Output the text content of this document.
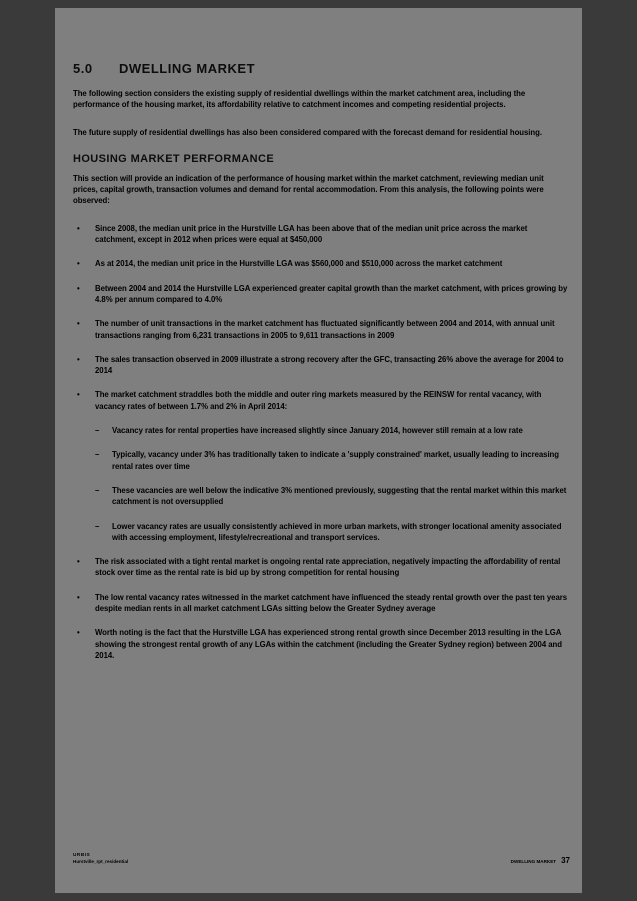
5.0	DWELLING MARKET

The following section considers the existing supply of residential dwellings within the market catchment area, including the performance of the housing market, its affordability relative to catchment incomes and competing residential projects.

The future supply of residential dwellings has also been considered compared with the forecast demand for residential housing.

HOUSING MARKET PERFORMANCE

This section will provide an indication of the performance of housing market within the market catchment, reviewing median unit prices, capital growth, transaction volumes and demand for rental accommodation. From this analysis, the following points were observed:

• Since 2008, the median unit price in the Hurstville LGA has been above that of the median unit price across the market catchment, except in 2012 when prices were equal at $450,000
• As at 2014, the median unit price in the Hurstville LGA was $560,000 and $510,000 across the market catchment
• Between 2004 and 2014 the Hurstville LGA experienced greater capital growth than the market catchment, with prices growing by 4.8% per annum compared to 4.0%
• The number of unit transactions in the market catchment has fluctuated significantly between 2004 and 2014, with annual unit transactions ranging from 6,231 transactions in 2005 to 9,611 transactions in 2009
• The sales transaction observed in 2009 illustrate a strong recovery after the GFC, transacting 26% above the average for 2004 to 2014
• The market catchment straddles both the middle and outer ring markets measured by the REINSW for rental vacancy, with vacancy rates of between 1.7% and 2% in April 2014:
– Vacancy rates for rental properties have increased slightly since January 2014, however still remain at a low rate
– Typically, vacancy under 3% has traditionally taken to indicate a 'supply constrained' market, usually leading to increasing rental rates over time
– These vacancies are well below the indicative 3% mentioned previously, suggesting that the rental market within this market catchment is not oversupplied
– Lower vacancy rates are usually consistently achieved in more urban markets, with stronger locational amenity associated with accessing employment, lifestyle/recreational and transport services.
• The risk associated with a tight rental market is ongoing rental rate appreciation, negatively impacting the affordability of rental stock over time as the rental rate is bid up by strong competition for rental housing
• The low rental vacancy rates witnessed in the market catchment have influenced the steady rental growth over the past ten years despite median rents in all market catchment LGAs sitting below the Greater Sydney average
• Worth noting is the fact that the Hurstville LGA has experienced strong rental growth since December 2013 resulting in the LGA showing the strongest rental growth of any LGAs within the catchment (including the Greater Sydney region) between 2004 and 2014.
URBIS
Hurstville_rpt_residential	DWELLING MARKET 37
